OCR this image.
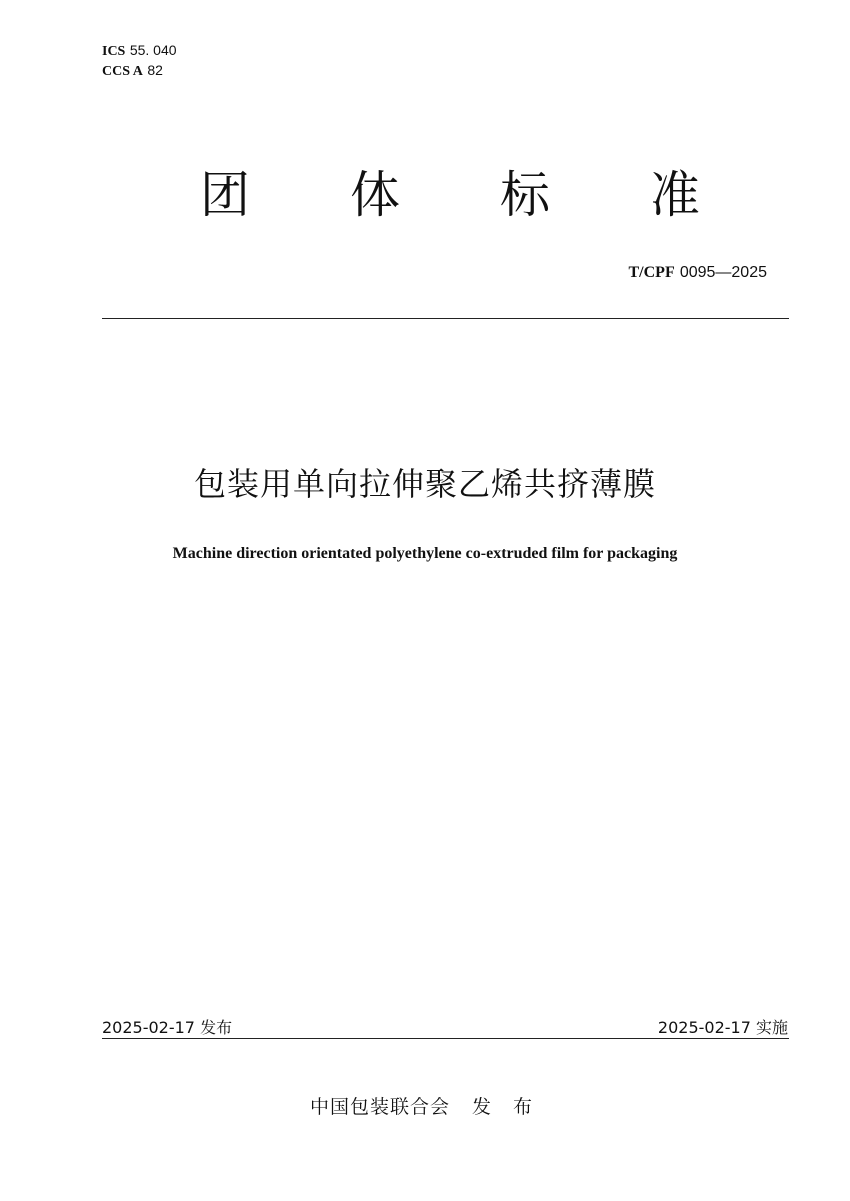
ICS 55. 040
CCS A 82
团 体 标 准
T/CPF 0095—2025
包装用单向拉伸聚乙烯共挤薄膜
Machine direction orientated polyethylene co-extruded film for packaging
2025-02-17 发布	2025-02-17 实施
中国包装联合会 发 布
